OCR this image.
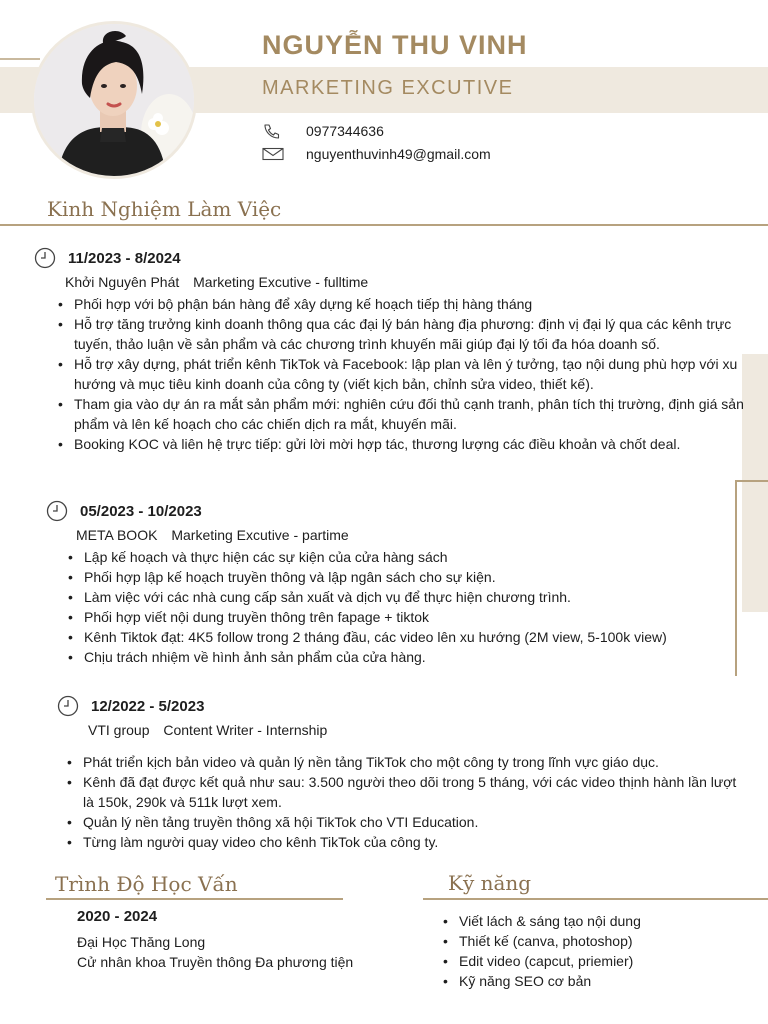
NGUYỄN THU VINH
MARKETING EXCUTIVE
0977344636
nguyenthuvinh49@gmail.com
Kinh Nghiệm Làm Việc
11/2023 - 8/2024
Khởi Nguyên Phát Marketing Excutive - fulltime
• Phối hợp với bộ phận bán hàng để xây dựng kế hoạch tiếp thị hàng tháng
• Hỗ trợ tăng trưởng kinh doanh thông qua các đại lý bán hàng địa phương: định vị đại lý qua các kênh trực tuyến, thảo luận về sản phẩm và các chương trình khuyến mãi giúp đại lý tối đa hóa doanh số.
• Hỗ trợ xây dựng, phát triển kênh TikTok và Facebook: lập plan và lên ý tưởng, tạo nội dung phù hợp với xu hướng và mục tiêu kinh doanh của công ty (viết kịch bản, chỉnh sửa video, thiết kế).
• Tham gia vào dự án ra mắt sản phẩm mới: nghiên cứu đối thủ cạnh tranh, phân tích thị trường, định giá sản phẩm và lên kế hoạch cho các chiến dịch ra mắt, khuyến mãi.
• Booking KOC và liên hệ trực tiếp: gửi lời mời hợp tác, thương lượng các điều khoản và chốt deal.
05/2023 - 10/2023
META BOOK Marketing Excutive - partime
• Lập kế hoạch và thực hiện các sự kiện của cửa hàng sách
• Phối hợp lập kế hoạch truyền thông và lập ngân sách cho sự kiện.
• Làm việc với các nhà cung cấp sản xuất và dịch vụ để thực hiện chương trình.
• Phối hợp viết nội dung truyền thông trên fapage + tiktok
• Kênh Tiktok đạt: 4K5 follow trong 2 tháng đầu, các video lên xu hướng (2M view, 5-100k view)
• Chịu trách nhiệm về hình ảnh sản phẩm của cửa hàng.
12/2022 - 5/2023
VTI group Content Writer - Internship
• Phát triển kịch bản video và quản lý nền tảng TikTok cho một công ty trong lĩnh vực giáo dục.
• Kênh đã đạt được kết quả như sau: 3.500 người theo dõi trong 5 tháng, với các video thịnh hành lần lượt là 150k, 290k và 511k lượt xem.
• Quản lý nền tảng truyền thông xã hội TikTok cho VTI Education.
• Từng làm người quay video cho kênh TikTok của công ty.
Trình Độ Học Vấn
2020 - 2024
Đại Học Thăng Long
Cử nhân khoa Truyền thông Đa phương tiện
Kỹ năng
• Viết lách & sáng tạo nội dung
• Thiết kế (canva, photoshop)
• Edit video (capcut, priemier)
• Kỹ năng SEO cơ bản
